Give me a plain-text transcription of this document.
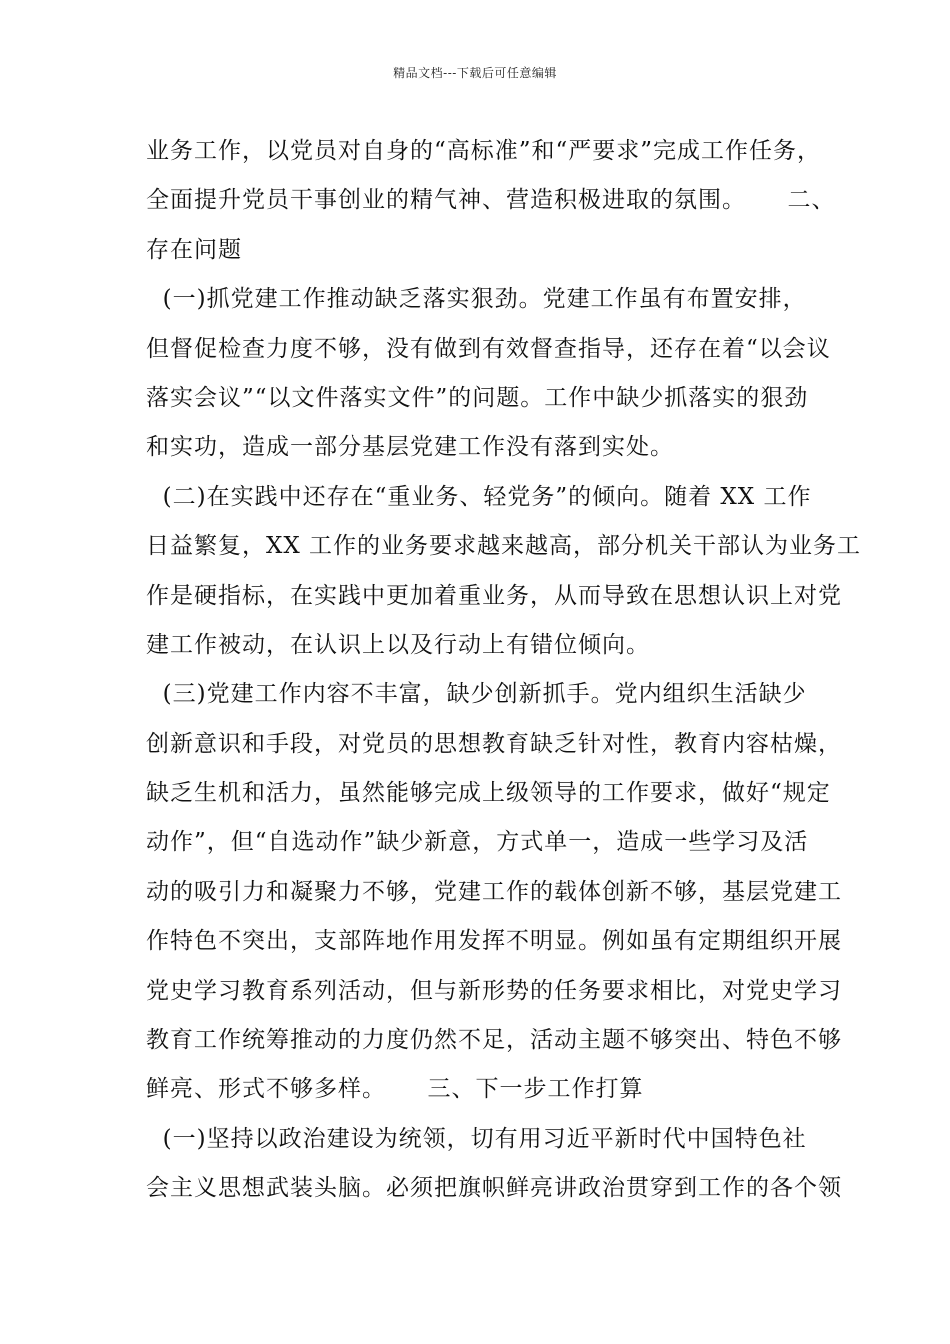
精品文档---下载后可任意编辑
业务工作，以党员对自身的“高标准”和“严要求”完成工作任务，
全面提升党员干事创业的精气神、营造积极进取的氛围。     二、
存在问题
(一)抓党建工作推动缺乏落实狠劲。党建工作虽有布置安排，
但督促检查力度不够，没有做到有效督查指导，还存在着“以会议
落实会议”“以文件落实文件”的问题。工作中缺少抓落实的狠劲
和实功，造成一部分基层党建工作没有落到实处。
(二)在实践中还存在“重业务、轻党务”的倾向。随着 XX 工作
日益繁复，XX 工作的业务要求越来越高，部分机关干部认为业务工
作是硬指标，在实践中更加着重业务，从而导致在思想认识上对党
建工作被动，在认识上以及行动上有错位倾向。
(三)党建工作内容不丰富，缺少创新抓手。党内组织生活缺少
创新意识和手段，对党员的思想教育缺乏针对性，教育内容枯燥，
缺乏生机和活力，虽然能够完成上级领导的工作要求，做好“规定
动作”，但“自选动作”缺少新意，方式单一，造成一些学习及活
动的吸引力和凝聚力不够，党建工作的载体创新不够，基层党建工
作特色不突出，支部阵地作用发挥不明显。例如虽有定期组织开展
党史学习教育系列活动，但与新形势的任务要求相比，对党史学习
教育工作统筹推动的力度仍然不足，活动主题不够突出、特色不够
鲜亮、形式不够多样。     三、下一步工作打算
(一)坚持以政治建设为统领，切有用习近平新时代中国特色社
会主义思想武装头脑。必须把旗帜鲜亮讲政治贯穿到工作的各个领
